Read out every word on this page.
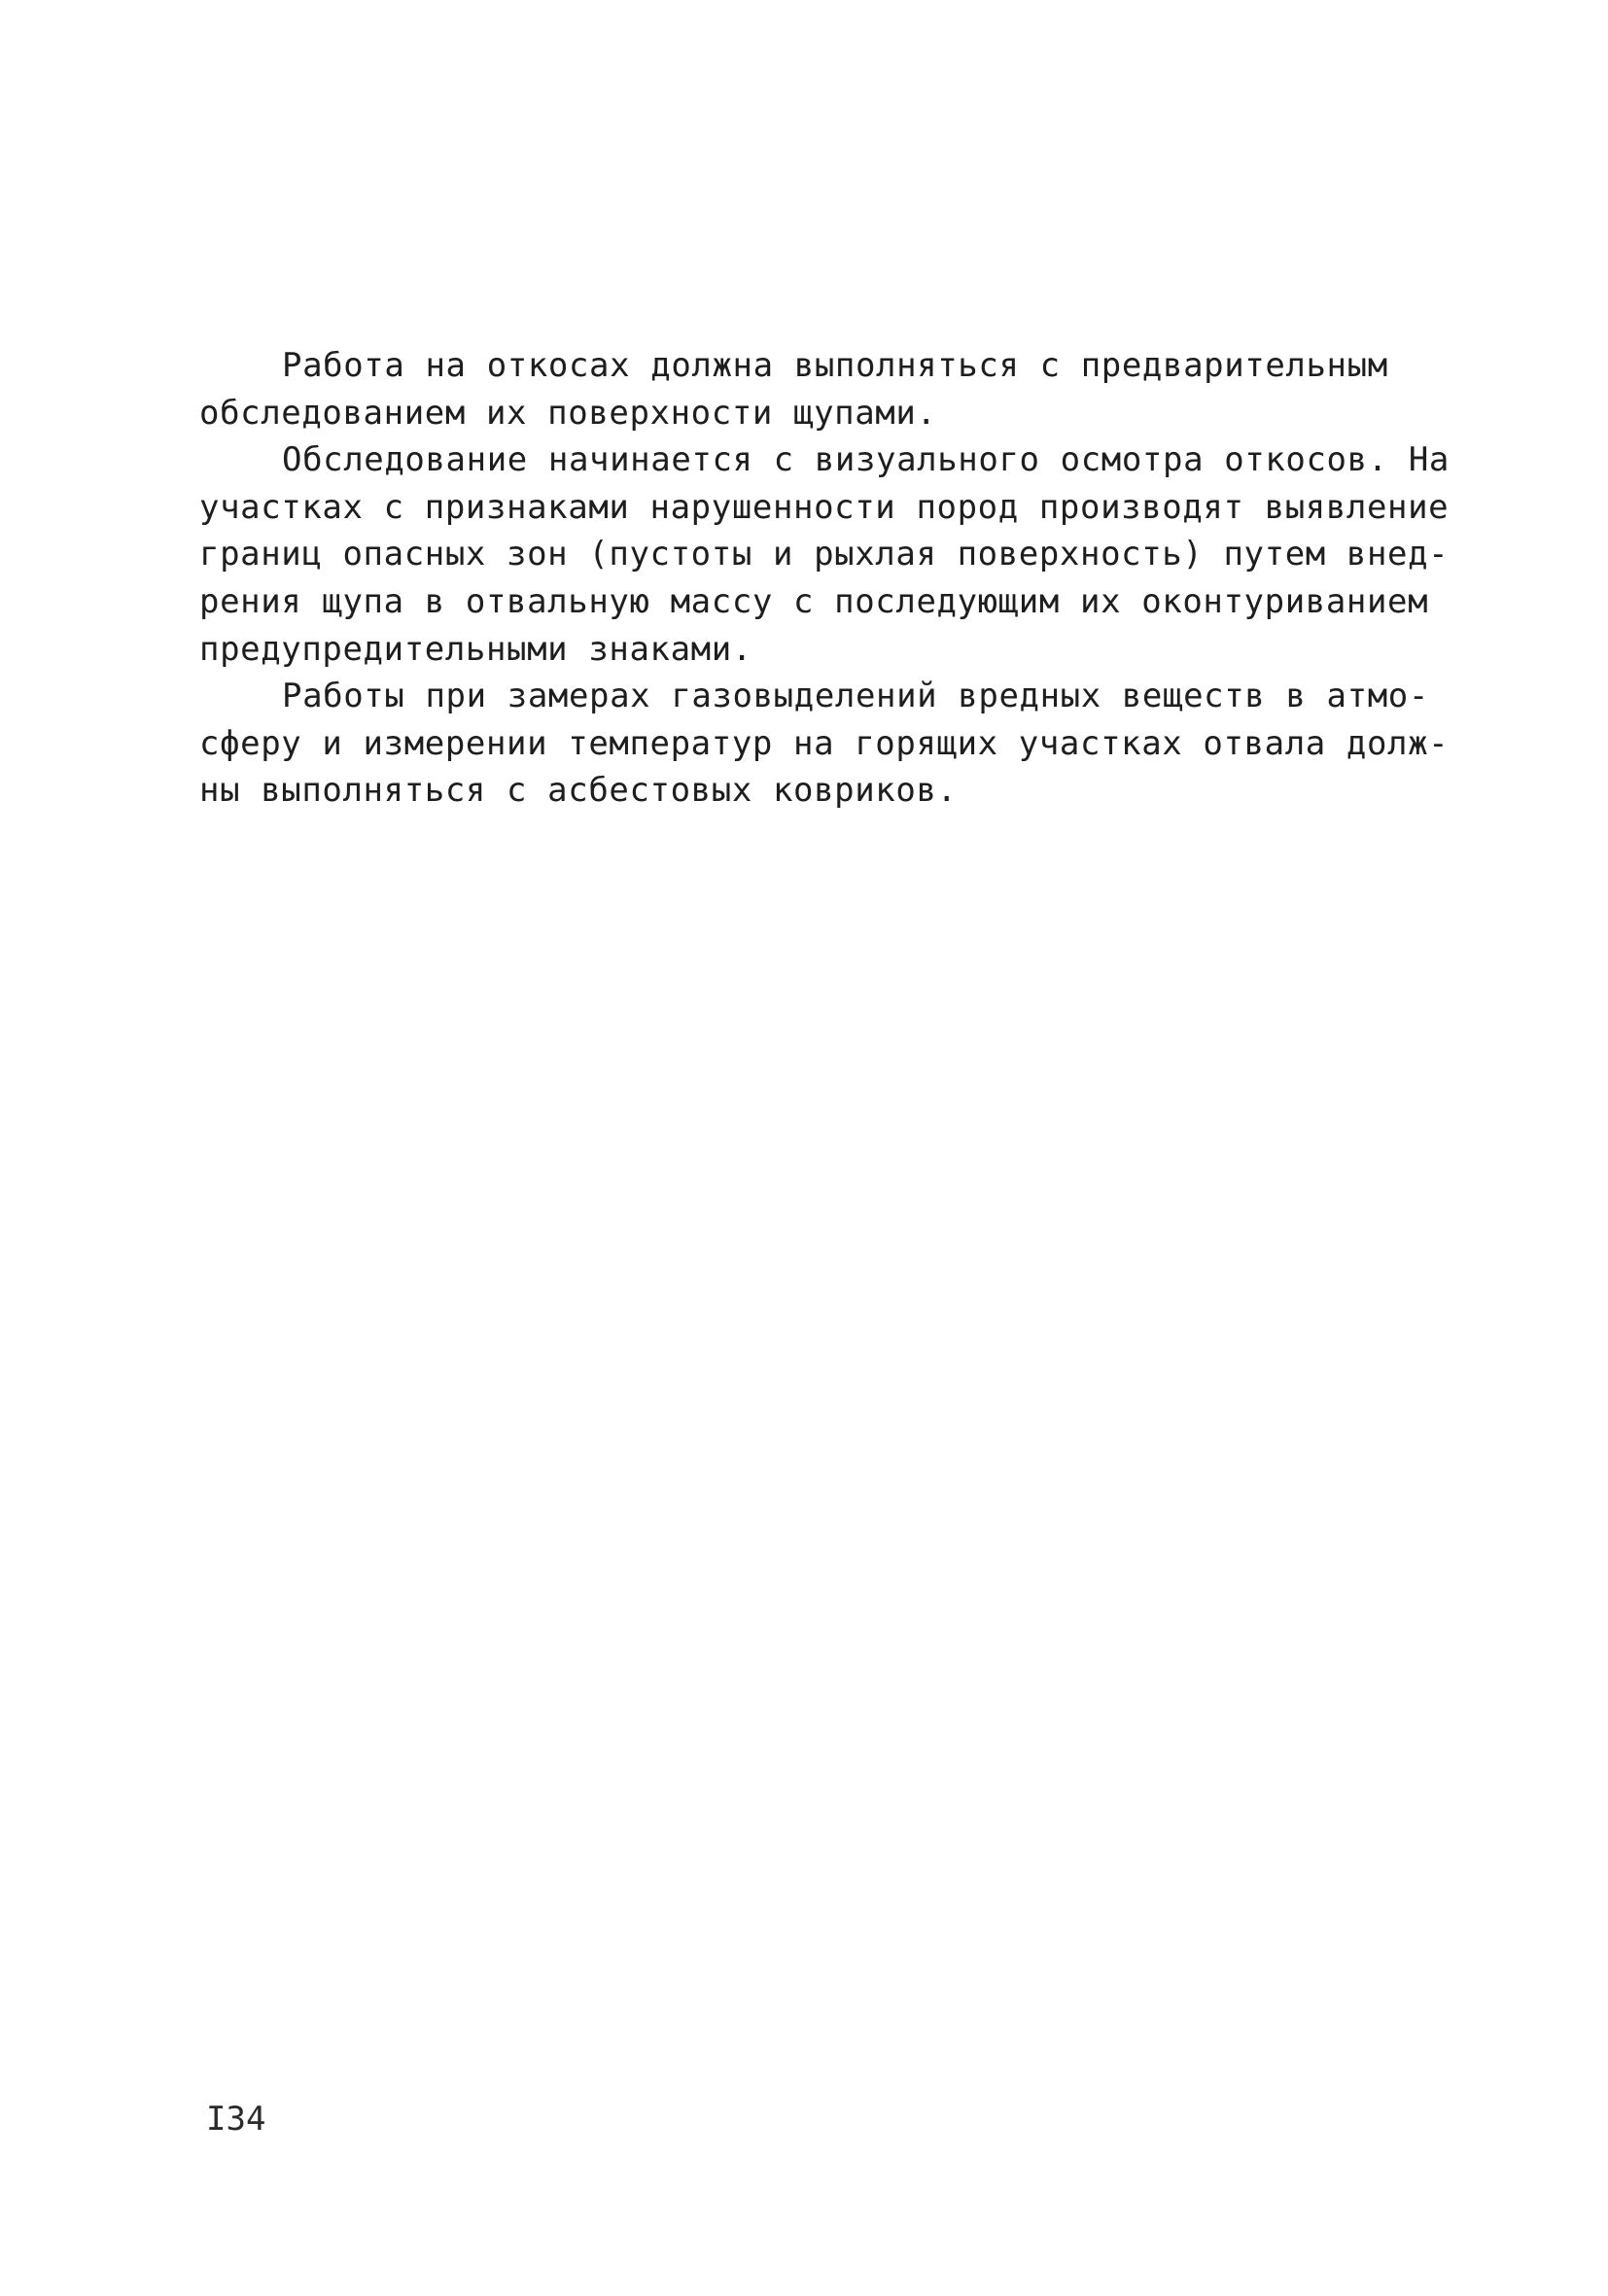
Работа на откосах должна выполняться с предварительным
обследованием их поверхности щупами.
Обследование начинается с визуального осмотра откосов. На
участках с признаками нарушенности пород производят выявление
границ опасных зон (пустоты и рыхлая поверхность) путем внед-
рения щупа в отвальную массу с последующим их оконтуриванием
предупредительными знаками.
Работы при замерах газовыделений вредных веществ в атмо-
сферу и измерении температур на горящих участках отвала долж-
ны выполняться с асбестовых ковриков.
I34
